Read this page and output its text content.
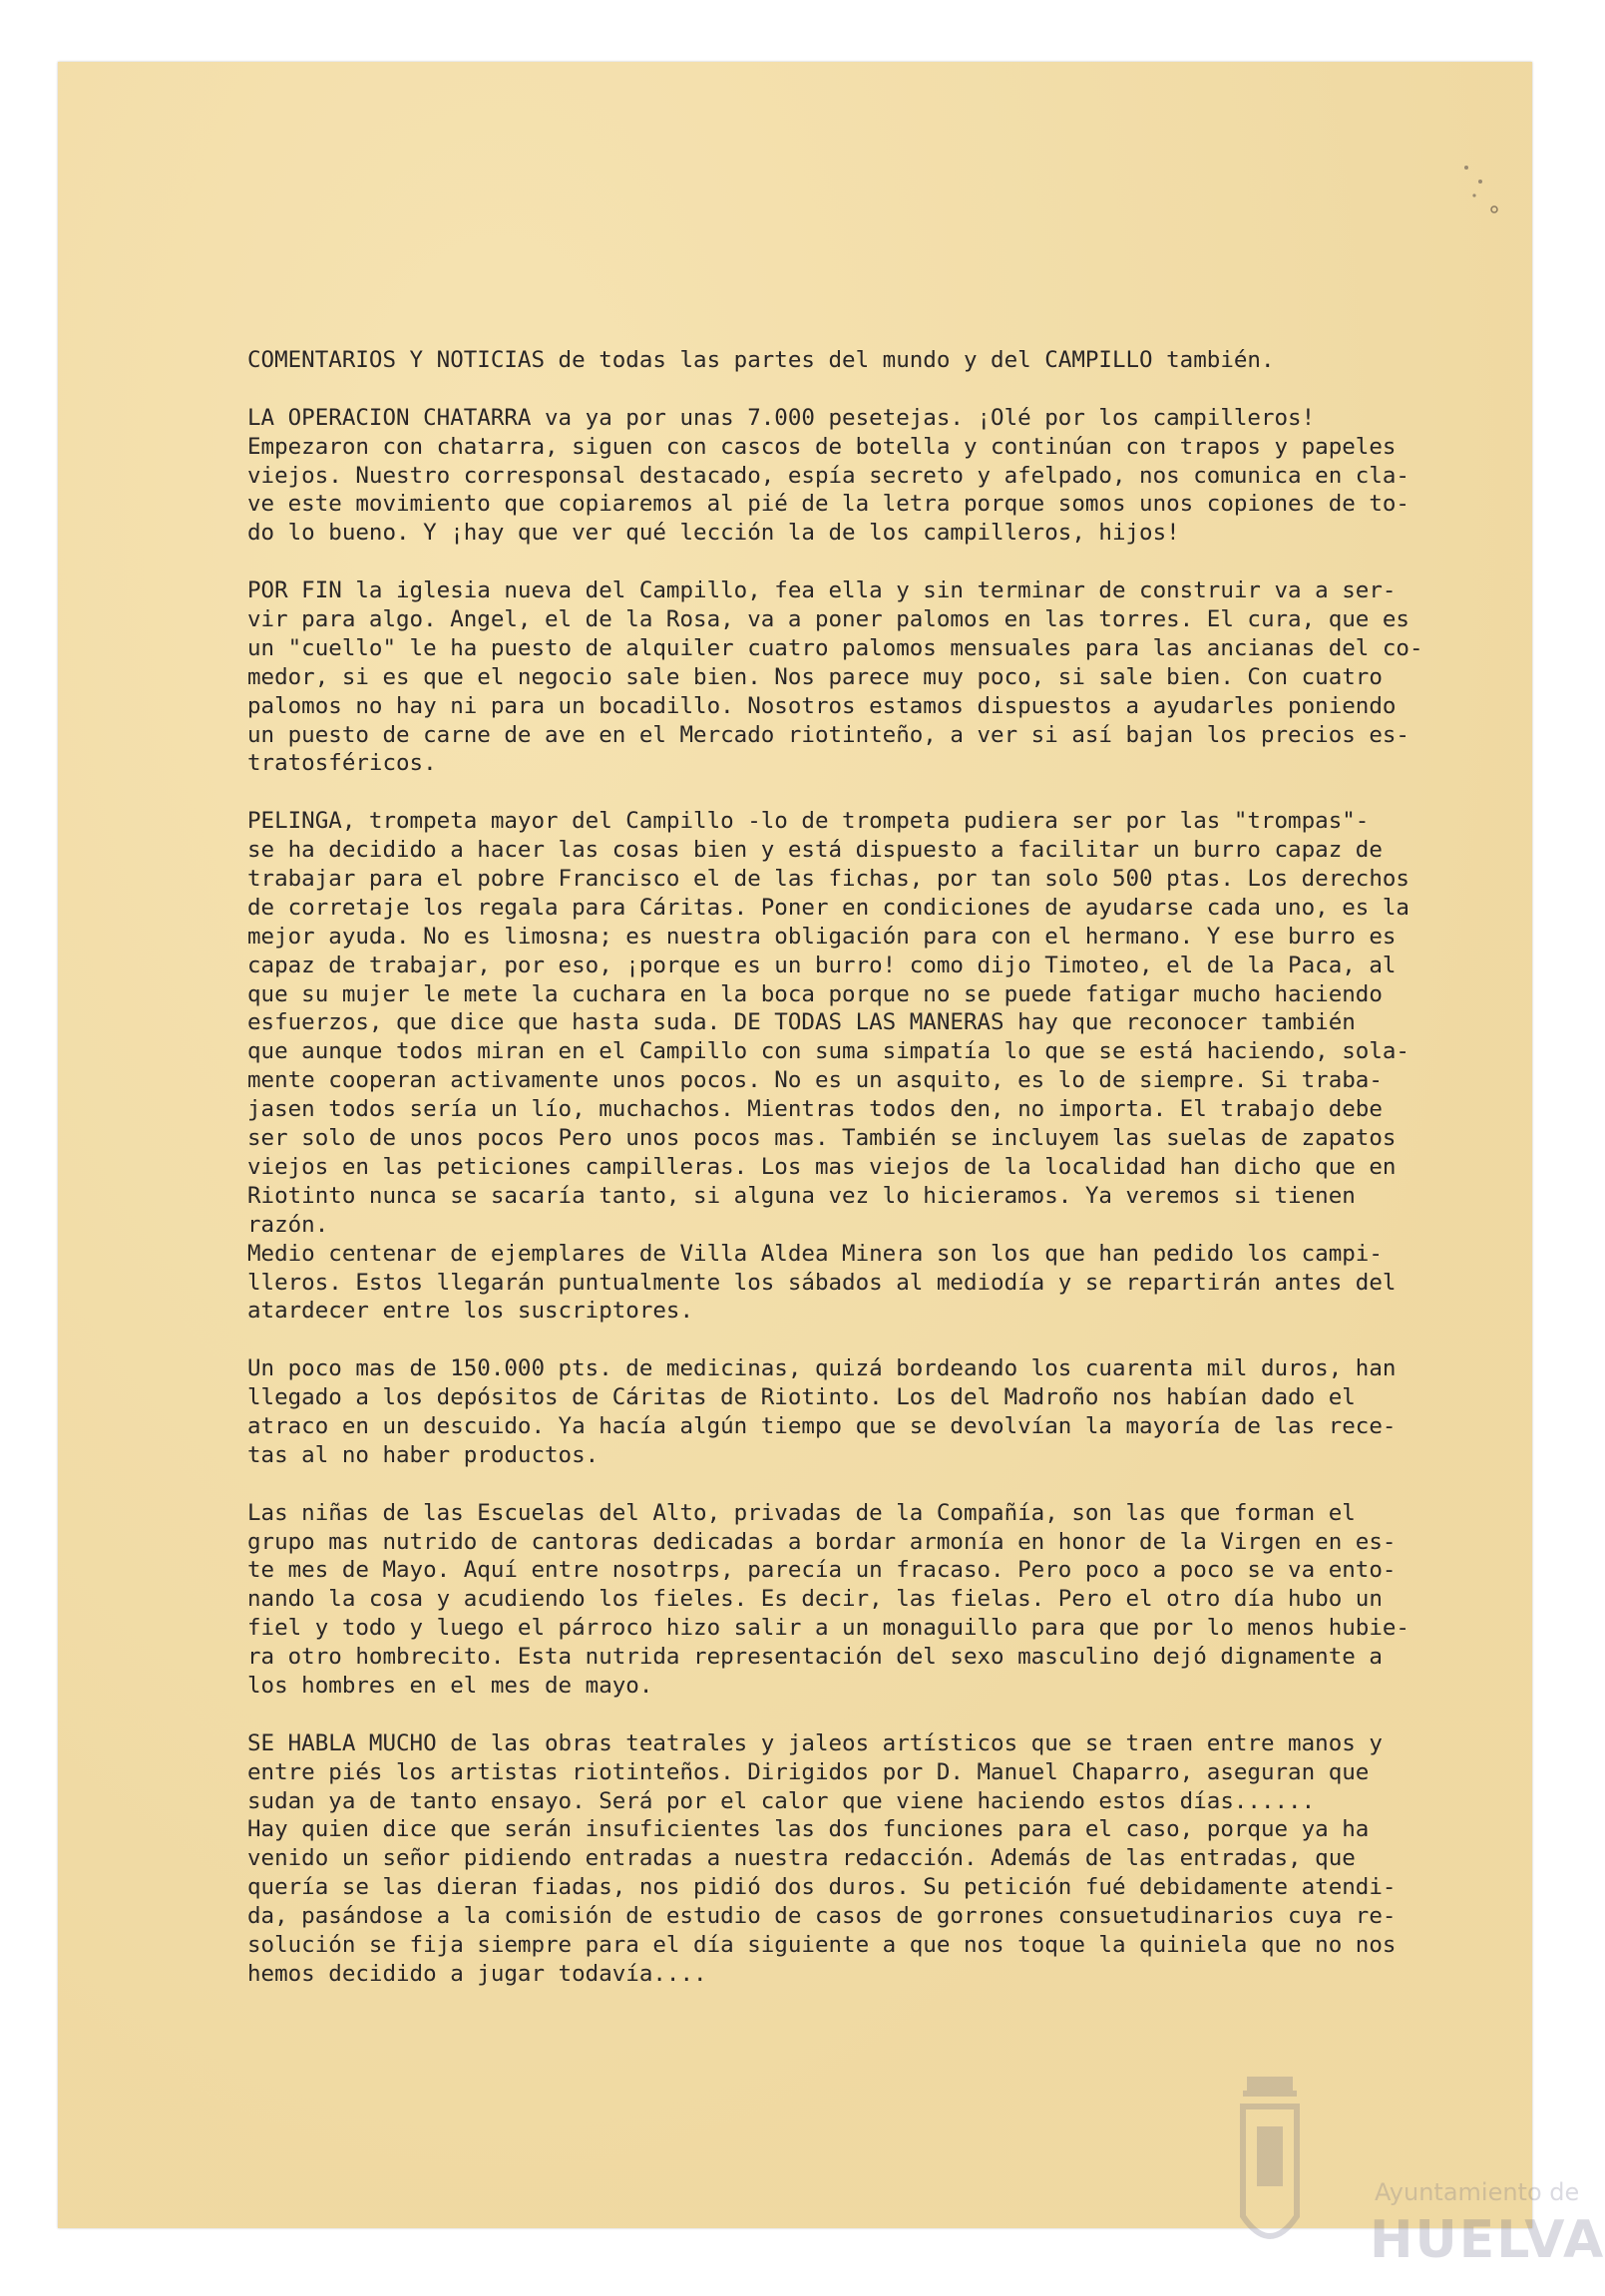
COMENTARIOS Y NOTICIAS de todas las partes del mundo y del CAMPILLO también.
LA OPERACION CHATARRA va ya por unas 7.000 pesetejas. ¡Olé por los campilleros!
Empezaron con chatarra, siguen con cascos de botella y continúan con trapos y papeles
viejos. Nuestro corresponsal destacado, espía secreto y afelpado, nos comunica en cla-
ve este movimiento que copiaremos al pié de la letra porque somos unos copiones de to-
do lo bueno. Y ¡hay que ver qué lección la de los campilleros, hijos!
POR FIN la iglesia nueva del Campillo, fea ella y sin terminar de construir va a ser-
vir para algo. Angel, el de la Rosa, va a poner palomos en las torres. El cura, que es
un "cuello" le ha puesto de alquiler cuatro palomos mensuales para las ancianas del co-
medor, si es que el negocio sale bien. Nos parece muy poco, si sale bien. Con cuatro
palomos no hay ni para un bocadillo. Nosotros estamos dispuestos a ayudarles poniendo
un puesto de carne de ave en el Mercado riotinteño, a ver si así bajan los precios es-
tratosféricos.
PELINGA, trompeta mayor del Campillo -lo de trompeta pudiera ser por las "trompas"-
se ha decidido a hacer las cosas bien y está dispuesto a facilitar un burro capaz de
trabajar para el pobre Francisco el de las fichas, por tan solo 500 ptas. Los derechos
de corretaje los regala para Cáritas. Poner en condiciones de ayudarse cada uno, es la
mejor ayuda. No es limosna; es nuestra obligación para con el hermano. Y ese burro es
capaz de trabajar, por eso, ¡porque es un burro! como dijo Timoteo, el de la Paca, al
que su mujer le mete la cuchara en la boca porque no se puede fatigar mucho haciendo
esfuerzos, que dice que hasta suda. DE TODAS LAS MANERAS hay que reconocer también
que aunque todos miran en el Campillo con suma simpatía lo que se está haciendo, sola-
mente cooperan activamente unos pocos. No es un asquito, es lo de siempre. Si traba-
jasen todos sería un lío, muchachos. Mientras todos den, no importa. El trabajo debe
ser solo de unos pocos Pero unos pocos mas. También se incluyem las suelas de zapatos
viejos en las peticiones campilleras. Los mas viejos de la localidad han dicho que en
Riotinto nunca se sacaría tanto, si alguna vez lo hicieramos. Ya veremos si tienen
razón.
Medio centenar de ejemplares de Villa Aldea Minera son los que han pedido los campi-
lleros. Estos llegarán puntualmente los sábados al mediodía y se repartirán antes del
atardecer entre los suscriptores.
Un poco mas de 150.000 pts. de medicinas, quizá bordeando los cuarenta mil duros, han
llegado a los depósitos de Cáritas de Riotinto. Los del Madroño nos habían dado el
atraco en un descuido. Ya hacía algún tiempo que se devolvían la mayoría de las rece-
tas al no haber productos.
Las niñas de las Escuelas del Alto, privadas de la Compañía, son las que forman el
grupo mas nutrido de cantoras dedicadas a bordar armonía en honor de la Virgen en es-
te mes de Mayo. Aquí entre nosotrps, parecía un fracaso. Pero poco a poco se va ento-
nando la cosa y acudiendo los fieles. Es decir, las fielas. Pero el otro día hubo un
fiel y todo y luego el párroco hizo salir a un monaguillo para que por lo menos hubie-
ra otro hombrecito. Esta nutrida representación del sexo masculino dejó dignamente a
los hombres en el mes de mayo.
SE HABLA MUCHO de las obras teatrales y jaleos artísticos que se traen entre manos y
entre piés los artistas riotinteños. Dirigidos por D. Manuel Chaparro, aseguran que
sudan ya de tanto ensayo. Será por el calor que viene haciendo estos días......
Hay quien dice que serán insuficientes las dos funciones para el caso, porque ya ha
venido un señor pidiendo entradas a nuestra redacción. Además de las entradas, que
quería se las dieran fiadas, nos pidió dos duros. Su petición fué debidamente atendi-
da, pasándose a la comisión de estudio de casos de gorrones consuetudinarios cuya re-
solución se fija siempre para el día siguiente a que nos toque la quiniela que no nos
hemos decidido a jugar todavía....
Ayuntamiento de
HUELVA
